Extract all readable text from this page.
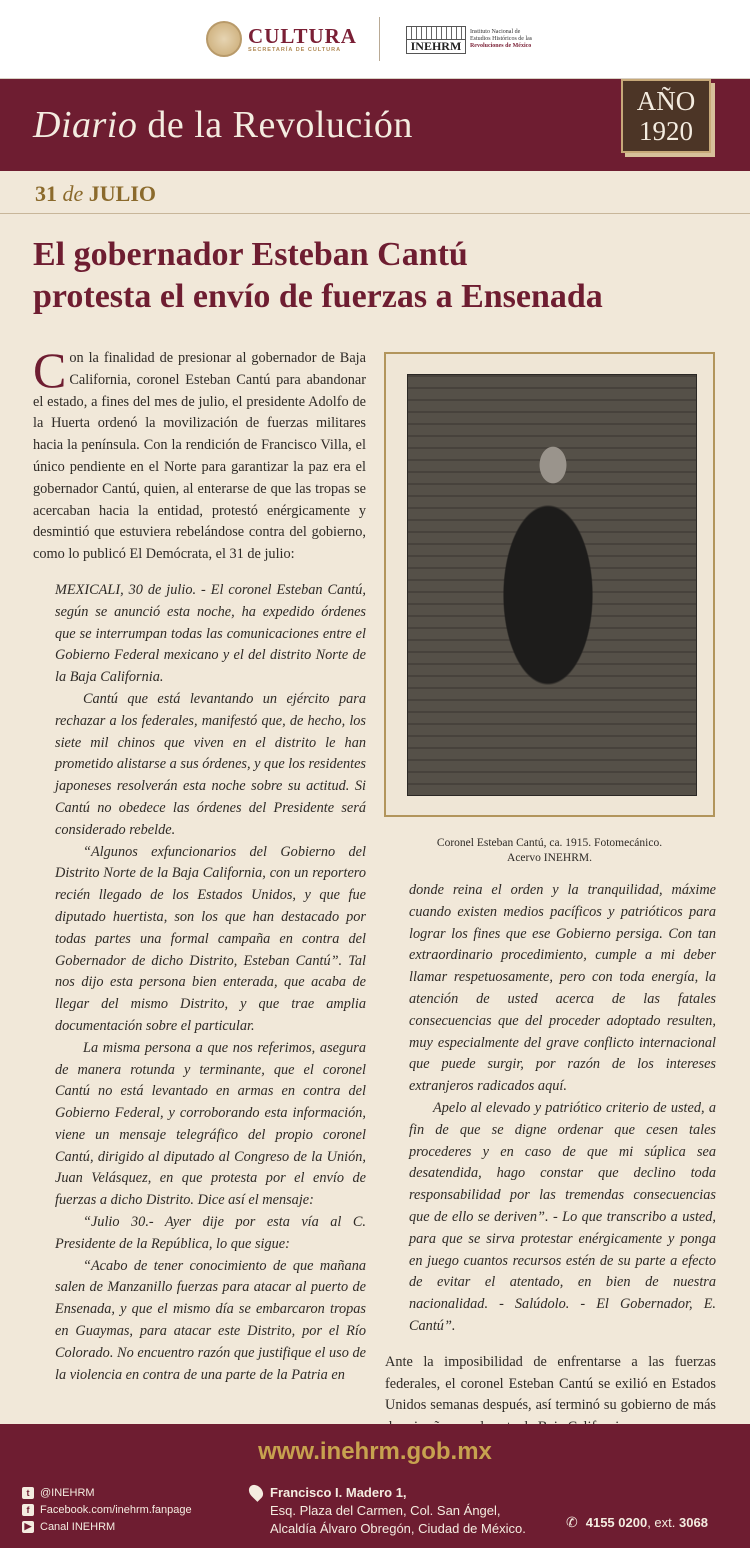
CULTURA
SECRETARÍA DE CULTURA	INEHRM
Instituto Nacional de
Estudios Históricos de las
Revoluciones de México
Diario de la Revolución
AÑO
1920
31 de JULIO
El gobernador Esteban Cantú
protesta el envío de fuerzas a Ensenada

Con la finalidad de presionar al gobernador de Baja California, coronel Esteban Cantú para abandonar el estado, a fines del mes de julio, el presidente Adolfo de la Huerta ordenó la movilización de fuerzas militares hacia la península. Con la rendición de Francisco Villa, el único pendiente en el Norte para garantizar la paz era el gobernador Cantú, quien, al enterarse de que las tropas se acercaban hacia la entidad, protestó enérgicamente y desmintió que estuviera rebelándose contra del gobierno, como lo publicó El Demócrata, el 31 de julio:

MEXICALI, 30 de julio. - El coronel Esteban Cantú, según se anunció esta noche, ha expedido órdenes que se interrumpan todas las comunicaciones entre el Gobierno Federal mexicano y el del distrito Norte de la Baja California.

Cantú que está levantando un ejército para rechazar a los federales, manifestó que, de hecho, los siete mil chinos que viven en el distrito le han prometido alistarse a sus órdenes, y que los residentes japoneses resolverán esta noche sobre su actitud. Si Cantú no obedece las órdenes del Presidente será considerado rebelde.

“Algunos exfuncionarios del Gobierno del Distrito Norte de la Baja California, con un reportero recién llegado de los Estados Unidos, y que fue diputado huertista, son los que han destacado por todas partes una formal campaña en contra del Gobernador de dicho Distrito, Esteban Cantú”. Tal nos dijo esta persona bien enterada, que acaba de llegar del mismo Distrito, y que trae amplia documentación sobre el particular.

La misma persona a que nos referimos, asegura de manera rotunda y terminante, que el coronel Cantú no está levantado en armas en contra del Gobierno Federal, y corroborando esta información, viene un mensaje telegráfico del propio coronel Cantú, dirigido al diputado al Congreso de la Unión, Juan Velásquez, en que protesta por el envío de fuerzas a dicho Distrito. Dice así el mensaje:

“Julio 30.- Ayer dije por esta vía al C. Presidente de la República, lo que sigue:

“Acabo de tener conocimiento de que mañana salen de Manzanillo fuerzas para atacar al puerto de Ensenada, y que el mismo día se embarcaron tropas en Guaymas, para atacar este Distrito, por el Río Colorado. No encuentro razón que justifique el uso de la violencia en contra de una parte de la Patria en

Coronel Esteban Cantú, ca. 1915. Fotomecánico.
Acervo INEHRM.

donde reina el orden y la tranquilidad, máxime cuando existen medios pacíficos y patrióticos para lograr los fines que ese Gobierno persiga. Con tan extraordinario procedimiento, cumple a mi deber llamar respetuosamente, pero con toda energía, la atención de usted acerca de las fatales consecuencias que del proceder adoptado resulten, muy especialmente del grave conflicto internacional que puede surgir, por razón de los intereses extranjeros radicados aquí.

Apelo al elevado y patriótico criterio de usted, a fin de que se digne ordenar que cesen tales procederes y en caso de que mi súplica sea desatendida, hago constar que declino toda responsabilidad por las tremendas consecuencias que de ello se deriven”. - Lo que transcribo a usted, para que se sirva protestar enérgicamente y ponga en juego cuantos recursos estén de su parte a efecto de evitar el atentado, en bien de nuestra nacionalidad. - Salúdolo. - El Gobernador, E. Cantú”.

Ante la imposibilidad de enfrentarse a las fuerzas federales, el coronel Esteban Cantú se exilió en Estados Unidos semanas después, así terminó su gobierno de más

www.inehrm.gob.mx
t @INEHRM
f Facebook.com/inehrm.fanpage
▶ Canal INEHRM
Francisco I. Madero 1,
Esq. Plaza del Carmen, Col. San Ángel,
Alcaldía Álvaro Obregón, Ciudad de México.	✆ 4155 0200, ext. 3068
